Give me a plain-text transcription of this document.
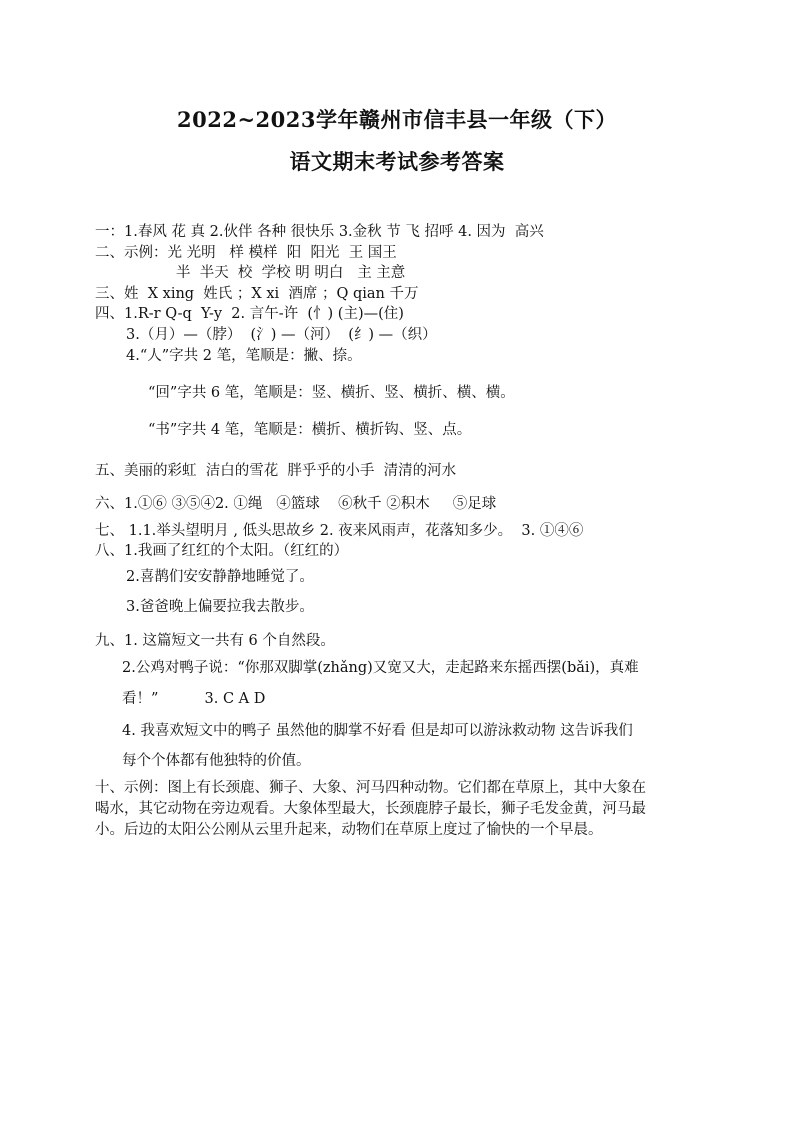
2022~2023学年赣州市信丰县一年级（下）
语文期末考试参考答案
一：1.春风 花 真 2.伙伴 各种 很快乐 3.金秋 节 飞 招呼 4. 因为  高兴
二、示例：光 光明   样 模样  阳  阳光  王 国王
半  半天  校  学校 明 明白   主 主意
三、姓  X xing  姓氏 ；X xi  酒席 ；Q qian 千万
四、1.R-r Q-q  Y-y  2. 言午-许  (忄) (主)—(住)
3.（月）—（脖）  (氵) —（河）  (纟) —（织）
4.“人”字共 2 笔，笔顺是：撇、捺。
“回”字共 6 笔，笔顺是：竖、横折、竖、横折、横、横。
“书”字共 4 笔，笔顺是：横折、横折钩、竖、点。
五、美丽的彩虹  洁白的雪花  胖乎乎的小手  清清的河水
六、1.①⑥ ③⑤④2. ①绳   ④篮球    ⑥秋千 ②积木     ⑤足球
七、 1.1.举头望明月 , 低头思故乡 2. 夜来风雨声，花落知多少。  3. ①④⑥
八、1.我画了红红的个太阳。（红红的）
2.喜鹊们安安静静地睡觉了。
3.爸爸晚上偏要拉我去散步。
九、1. 这篇短文一共有 6 个自然段。
2.公鸡对鸭子说：“你那双脚掌(zhǎng)又宽又大，走起路来东摇西摆(bǎi)，真难
看！”          3. C A D
4. 我喜欢短文中的鸭子 虽然他的脚掌不好看 但是却可以游泳救动物 这告诉我们
每个个体都有他独特的价值。
十、示例：图上有长颈鹿、狮子、大象、河马四种动物。它们都在草原上，其中大象在
喝水，其它动物在旁边观看。大象体型最大，长颈鹿脖子最长，狮子毛发金黄，河马最
小。后边的太阳公公刚从云里升起来，动物们在草原上度过了愉快的一个早晨。
